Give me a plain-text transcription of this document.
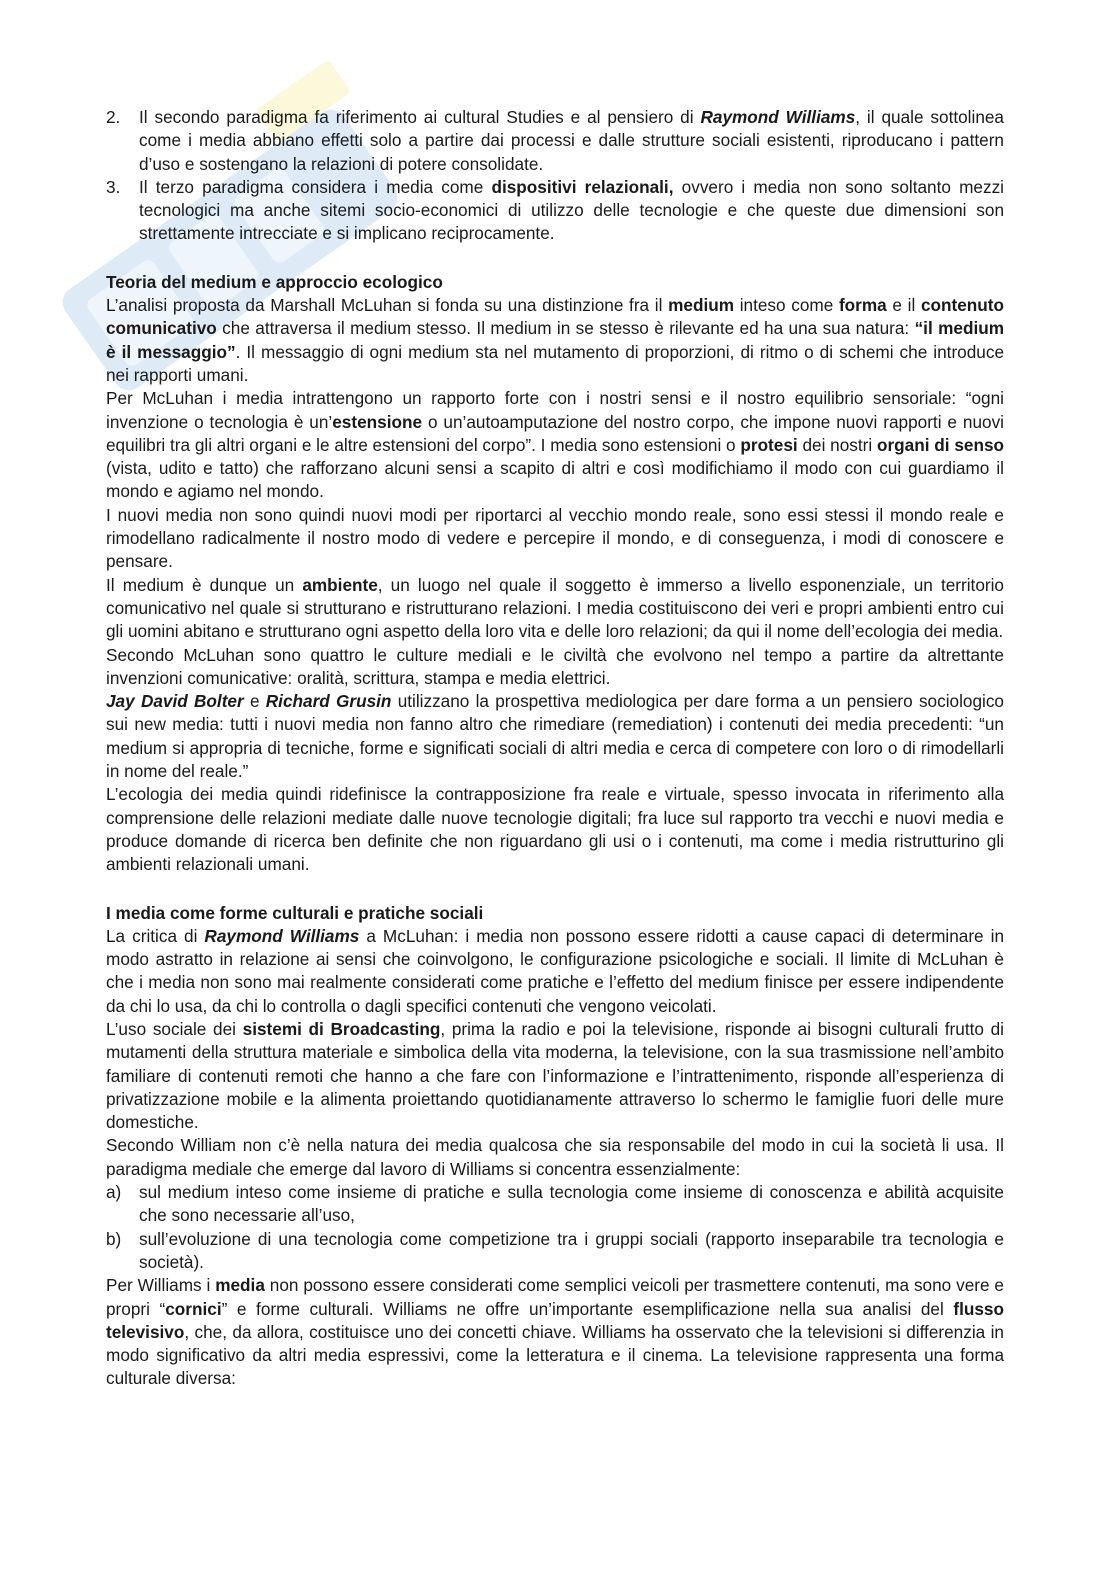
2. Il secondo paradigma fa riferimento ai cultural Studies e al pensiero di Raymond Williams, il quale sottolinea come i media abbiano effetti solo a partire dai processi e dalle strutture sociali esistenti, riproducano i pattern d’uso e sostengano la relazioni di potere consolidate.
3. Il terzo paradigma considera i media come dispositivi relazionali, ovvero i media non sono soltanto mezzi tecnologici ma anche sitemi socio-economici di utilizzo delle tecnologie e che queste due dimensioni son strettamente intrecciate e si implicano reciprocamente.

Teoria del medium e approccio ecologico

L’analisi proposta da Marshall McLuhan si fonda su una distinzione fra il medium inteso come forma e il contenuto comunicativo che attraversa il medium stesso. Il medium in se stesso è rilevante ed ha una sua natura: “il medium è il messaggio”. Il messaggio di ogni medium sta nel mutamento di proporzioni, di ritmo o di schemi che introduce nei rapporti umani.

Per McLuhan i media intrattengono un rapporto forte con i nostri sensi e il nostro equilibrio sensoriale: “ogni invenzione o tecnologia è un’estensione o un’autoamputazione del nostro corpo, che impone nuovi rapporti e nuovi equilibri tra gli altri organi e le altre estensioni del corpo”. I media sono estensioni o protesi dei nostri organi di senso (vista, udito e tatto) che rafforzano alcuni sensi a scapito di altri e così modifichiamo il modo con cui guardiamo il mondo e agiamo nel mondo.

I nuovi media non sono quindi nuovi modi per riportarci al vecchio mondo reale, sono essi stessi il mondo reale e rimodellano radicalmente il nostro modo di vedere e percepire il mondo, e di conseguenza, i modi di conoscere e pensare.

Il medium è dunque un ambiente, un luogo nel quale il soggetto è immerso a livello esponenziale, un territorio comunicativo nel quale si strutturano e ristrutturano relazioni. I media costituiscono dei veri e propri ambienti entro cui gli uomini abitano e strutturano ogni aspetto della loro vita e delle loro relazioni; da qui il nome dell’ecologia dei media.

Secondo McLuhan sono quattro le culture mediali e le civiltà che evolvono nel tempo a partire da altrettante invenzioni comunicative: oralità, scrittura, stampa e media elettrici.

Jay David Bolter e Richard Grusin utilizzano la prospettiva mediologica per dare forma a un pensiero sociologico sui new media: tutti i nuovi media non fanno altro che rimediare (remediation) i contenuti dei media precedenti: “un medium si appropria di tecniche, forme e significati sociali di altri media e cerca di competere con loro o di rimodellarli in nome del reale.”

L’ecologia dei media quindi ridefinisce la contrapposizione fra reale e virtuale, spesso invocata in riferimento alla comprensione delle relazioni mediate dalle nuove tecnologie digitali; fra luce sul rapporto tra vecchi e nuovi media e produce domande di ricerca ben definite che non riguardano gli usi o i contenuti, ma come i media ristrutturino gli ambienti relazionali umani.

I media come forme culturali e pratiche sociali

La critica di Raymond Williams a McLuhan: i media non possono essere ridotti a cause capaci di determinare in modo astratto in relazione ai sensi che coinvolgono, le configurazione psicologiche e sociali. Il limite di McLuhan è che i media non sono mai realmente considerati come pratiche e l’effetto del medium finisce per essere indipendente da chi lo usa, da chi lo controlla o dagli specifici contenuti che vengono veicolati.

L’uso sociale dei sistemi di Broadcasting, prima la radio e poi la televisione, risponde ai bisogni culturali frutto di mutamenti della struttura materiale e simbolica della vita moderna, la televisione, con la sua trasmissione nell’ambito familiare di contenuti remoti che hanno a che fare con l’informazione e l’intrattenimento, risponde all’esperienza di privatizzazione mobile e la alimenta proiettando quotidianamente attraverso lo schermo le famiglie fuori delle mure domestiche.

Secondo William non c’è nella natura dei media qualcosa che sia responsabile del modo in cui la società li usa. Il paradigma mediale che emerge dal lavoro di Williams si concentra essenzialmente:

a) sul medium inteso come insieme di pratiche e sulla tecnologia come insieme di conoscenza e abilità acquisite che sono necessarie all’uso,
b) sull’evoluzione di una tecnologia come competizione tra i gruppi sociali (rapporto inseparabile tra tecnologia e società).

Per Williams i media non possono essere considerati come semplici veicoli per trasmettere contenuti, ma sono vere e propri “cornici” e forme culturali. Williams ne offre un’importante esemplificazione nella sua analisi del flusso televisivo, che, da allora, costituisce uno dei concetti chiave. Williams ha osservato che la televisioni si differenzia in modo significativo da altri media espressivi, come la letteratura e il cinema. La televisione rappresenta una forma culturale diversa:
